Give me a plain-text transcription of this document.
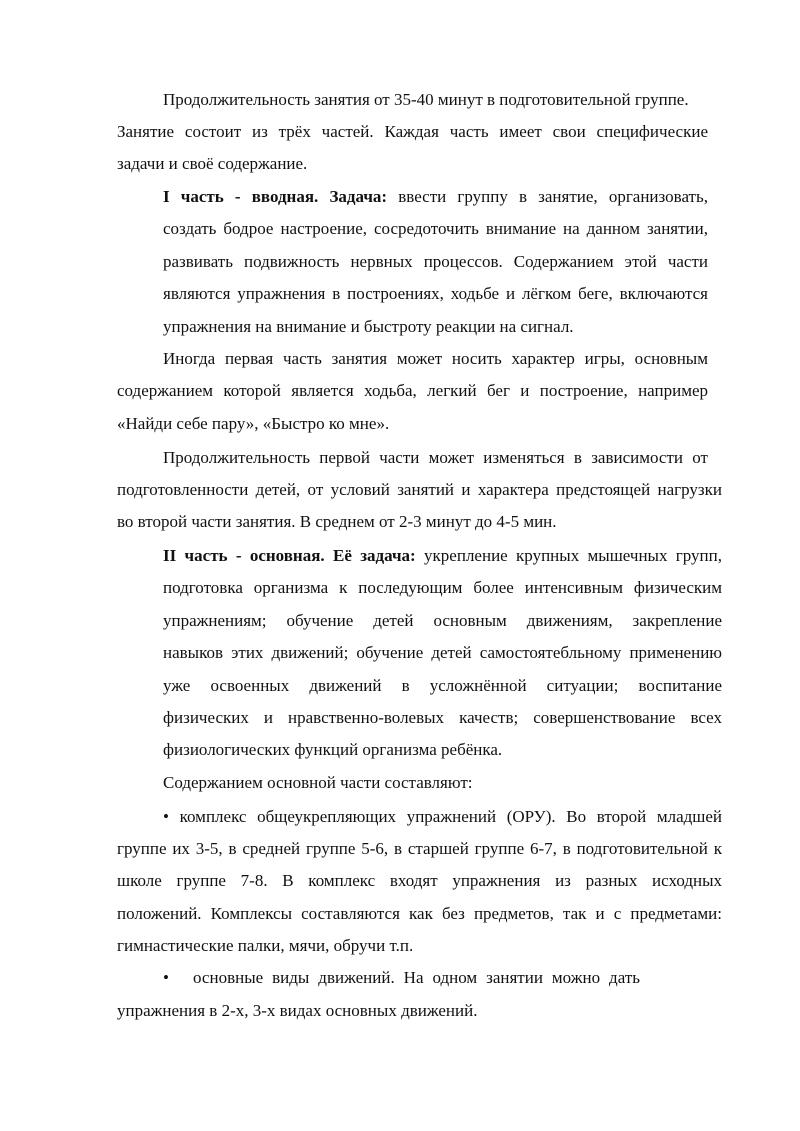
Продолжительность занятия от 35-40 минут в подготовительной группе.
Занятие состоит из трёх частей. Каждая часть имеет свои специфические
задачи и своё содержание.
I часть - вводная. Задача: ввести группу в занятие, организовать,
создать бодрое настроение, сосредоточить внимание на данном занятии,
развивать подвижность нервных процессов. Содержанием этой части
являются упражнения в построениях, ходьбе и лёгком беге, включаются
упражнения на внимание и быстроту реакции на сигнал.
Иногда первая часть занятия может носить характер игры, основным
содержанием которой является ходьба, легкий бег и построение, например
«Найди себе пару», «Быстро ко мне».
Продолжительность первой части может изменяться в зависимости от
подготовленности детей, от условий занятий и характера предстоящей нагрузки
во второй части занятия. В среднем от 2-3 минут до 4-5 мин.
II часть - основная. Её задача: укрепление крупных мышечных групп,
подготовка организма к последующим более интенсивным физическим
упражнениям; обучение детей основным движениям, закрепление
навыков этих движений; обучение детей самостоятебльному применению
уже освоенных движений в усложнённой ситуации; воспитание
физических и нравственно-волевых качеств; совершенствование всех
физиологических функций организма ребёнка.
Содержанием основной части составляют:
• комплекс общеукрепляющих упражнений (ОРУ). Во второй младшей
группе их 3-5, в средней группе 5-6, в старшей группе 6-7, в подготовительной к
школе группе 7-8. В комплекс входят упражнения из разных исходных
положений. Комплексы составляются как без предметов, так и с предметами:
гимнастические палки, мячи, обручи т.п.
• основные виды движений. На одном занятии можно дать
упражнения в 2-х, 3-х видах основных движений.
